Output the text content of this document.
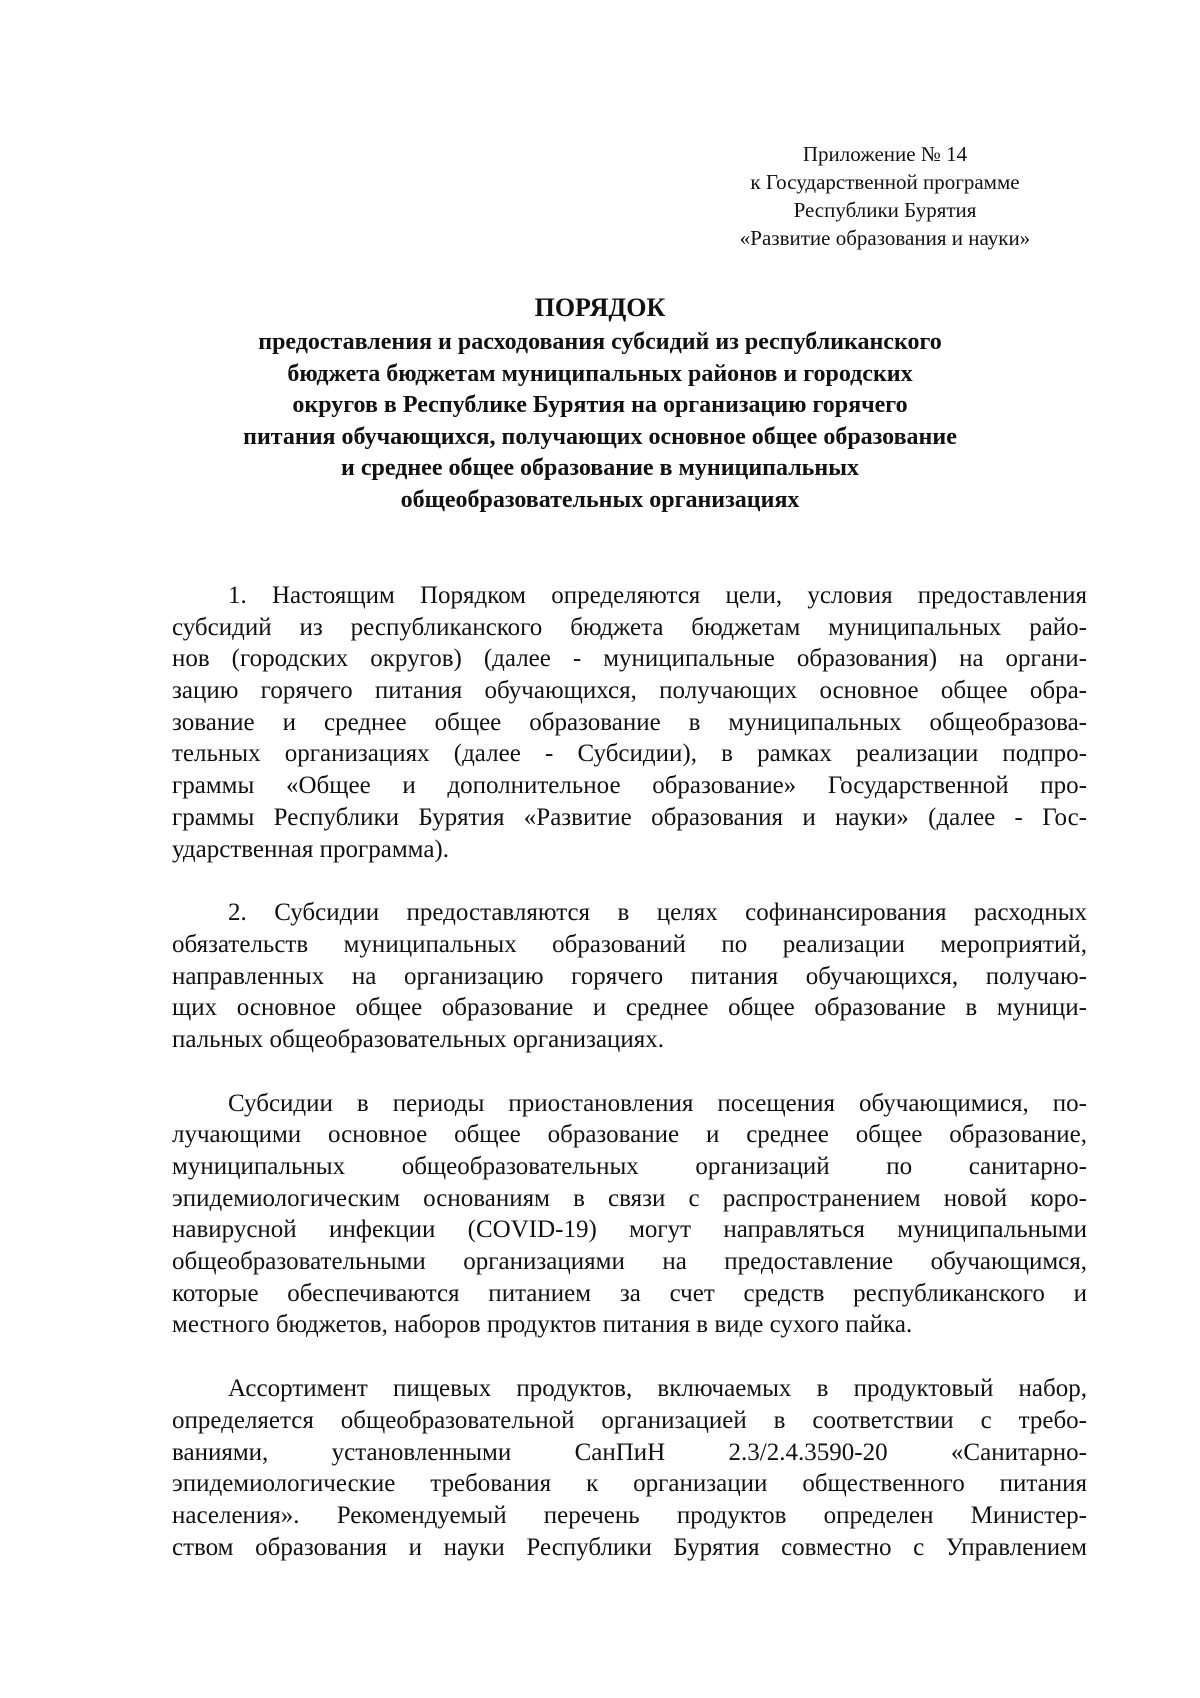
Приложение № 14
к Государственной программе
Республики Бурятия
«Развитие образования и науки»
ПОРЯДОК
предоставления и расходования субсидий из республиканского
бюджета бюджетам муниципальных районов и городских
округов в Республике Бурятия на организацию горячего
питания обучающихся, получающих основное общее образование
и среднее общее образование в муниципальных
общеобразовательных организациях
1. Настоящим Порядком определяются цели, условия предоставления
субсидий из республиканского бюджета бюджетам муниципальных райо-
нов (городских округов) (далее - муниципальные образования) на органи-
зацию горячего питания обучающихся, получающих основное общее обра-
зование и среднее общее образование в муниципальных общеобразова-
тельных организациях (далее - Субсидии), в рамках реализации подпро-
граммы «Общее и дополнительное образование» Государственной про-
граммы Республики Бурятия «Развитие образования и науки» (далее - Гос-
ударственная программа).
2. Субсидии предоставляются в целях софинансирования расходных
обязательств муниципальных образований по реализации мероприятий,
направленных на организацию горячего питания обучающихся, получаю-
щих основное общее образование и среднее общее образование в муници-
пальных общеобразовательных организациях.
Субсидии в периоды приостановления посещения обучающимися, по-
лучающими основное общее образование и среднее общее образование,
муниципальных общеобразовательных организаций по санитарно-
эпидемиологическим основаниям в связи с распространением новой коро-
навирусной инфекции (COVID-19) могут направляться муниципальными
общеобразовательными организациями на предоставление обучающимся,
которые обеспечиваются питанием за счет средств республиканского и
местного бюджетов, наборов продуктов питания в виде сухого пайка.
Ассортимент пищевых продуктов, включаемых в продуктовый набор,
определяется общеобразовательной организацией в соответствии с требо-
ваниями, установленными СанПиН 2.3/2.4.3590-20 «Санитарно-
эпидемиологические требования к организации общественного питания
населения». Рекомендуемый перечень продуктов определен Министер-
ством образования и науки Республики Бурятия совместно с Управлением
